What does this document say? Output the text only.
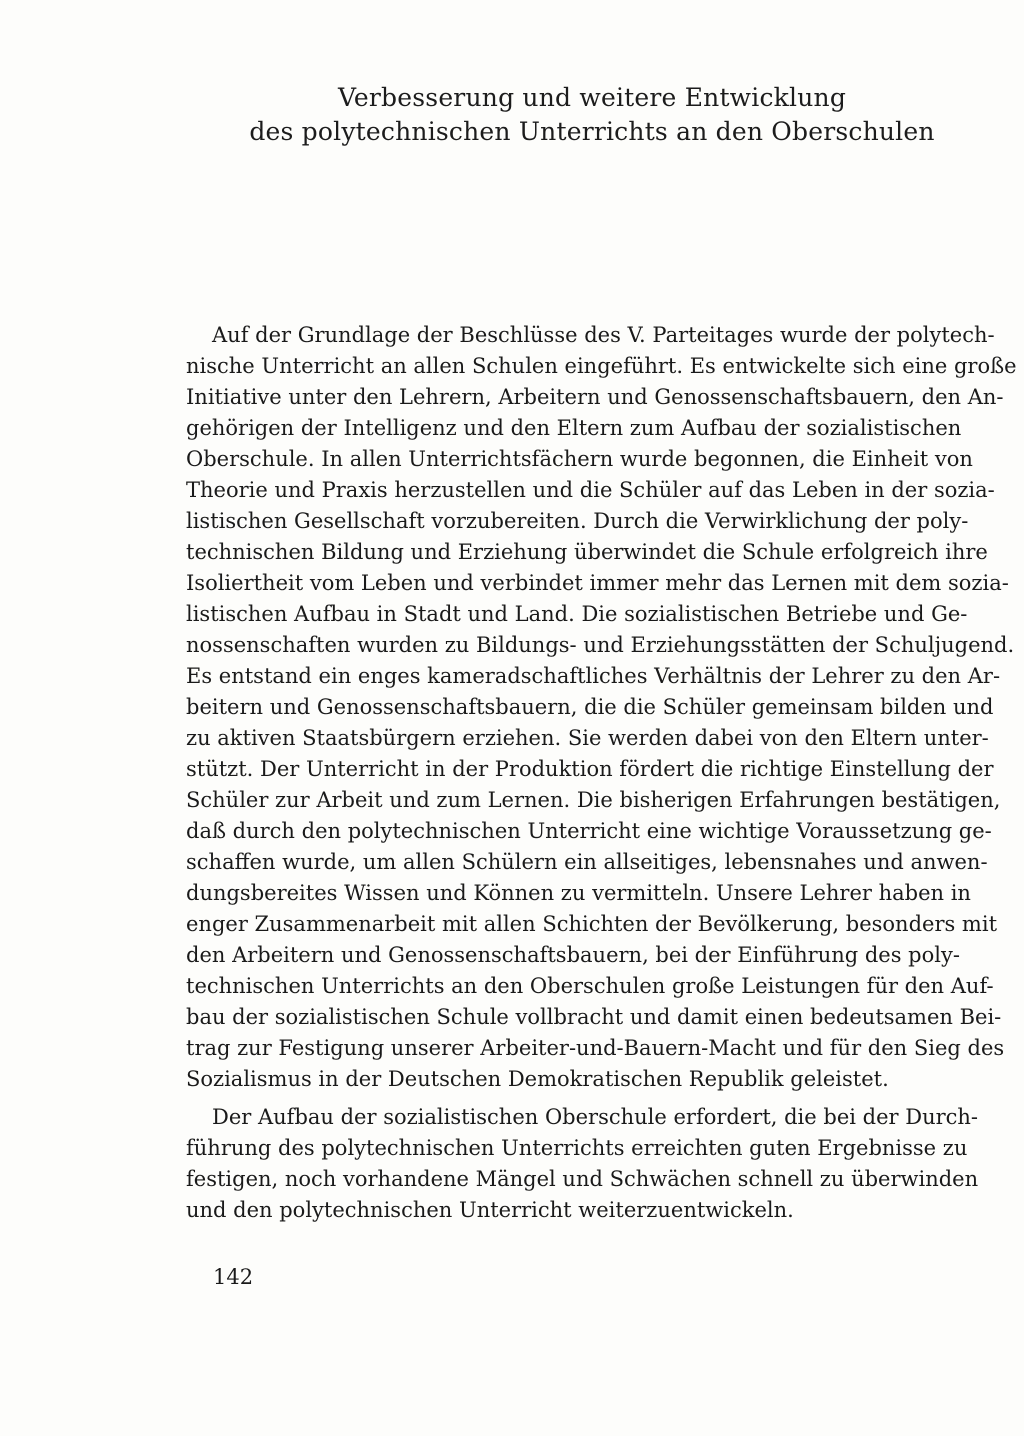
Verbesserung und weitere Entwicklung
des polytechnischen Unterrichts an den Oberschulen
Auf der Grundlage der Beschlüsse des V. Parteitages wurde der polytech-
nische Unterricht an allen Schulen eingeführt. Es entwickelte sich eine große
Initiative unter den Lehrern, Arbeitern und Genossenschaftsbauern, den An-
gehörigen der Intelligenz und den Eltern zum Aufbau der sozialistischen
Oberschule. In allen Unterrichtsfächern wurde begonnen, die Einheit von
Theorie und Praxis herzustellen und die Schüler auf das Leben in der sozia-
listischen Gesellschaft vorzubereiten. Durch die Verwirklichung der poly-
technischen Bildung und Erziehung überwindet die Schule erfolgreich ihre
Isoliertheit vom Leben und verbindet immer mehr das Lernen mit dem sozia-
listischen Aufbau in Stadt und Land. Die sozialistischen Betriebe und Ge-
nossenschaften wurden zu Bildungs- und Erziehungsstätten der Schuljugend.
Es entstand ein enges kameradschaftliches Verhältnis der Lehrer zu den Ar-
beitern und Genossenschaftsbauern, die die Schüler gemeinsam bilden und
zu aktiven Staatsbürgern erziehen. Sie werden dabei von den Eltern unter-
stützt. Der Unterricht in der Produktion fördert die richtige Einstellung der
Schüler zur Arbeit und zum Lernen. Die bisherigen Erfahrungen bestätigen,
daß durch den polytechnischen Unterricht eine wichtige Voraussetzung ge-
schaffen wurde, um allen Schülern ein allseitiges, lebensnahes und anwen-
dungsbereites Wissen und Können zu vermitteln. Unsere Lehrer haben in
enger Zusammenarbeit mit allen Schichten der Bevölkerung, besonders mit
den Arbeitern und Genossenschaftsbauern, bei der Einführung des poly-
technischen Unterrichts an den Oberschulen große Leistungen für den Auf-
bau der sozialistischen Schule vollbracht und damit einen bedeutsamen Bei-
trag zur Festigung unserer Arbeiter-und-Bauern-Macht und für den Sieg des
Sozialismus in der Deutschen Demokratischen Republik geleistet.
Der Aufbau der sozialistischen Oberschule erfordert, die bei der Durch-
führung des polytechnischen Unterrichts erreichten guten Ergebnisse zu
festigen, noch vorhandene Mängel und Schwächen schnell zu überwinden
und den polytechnischen Unterricht weiterzuentwickeln.
142
